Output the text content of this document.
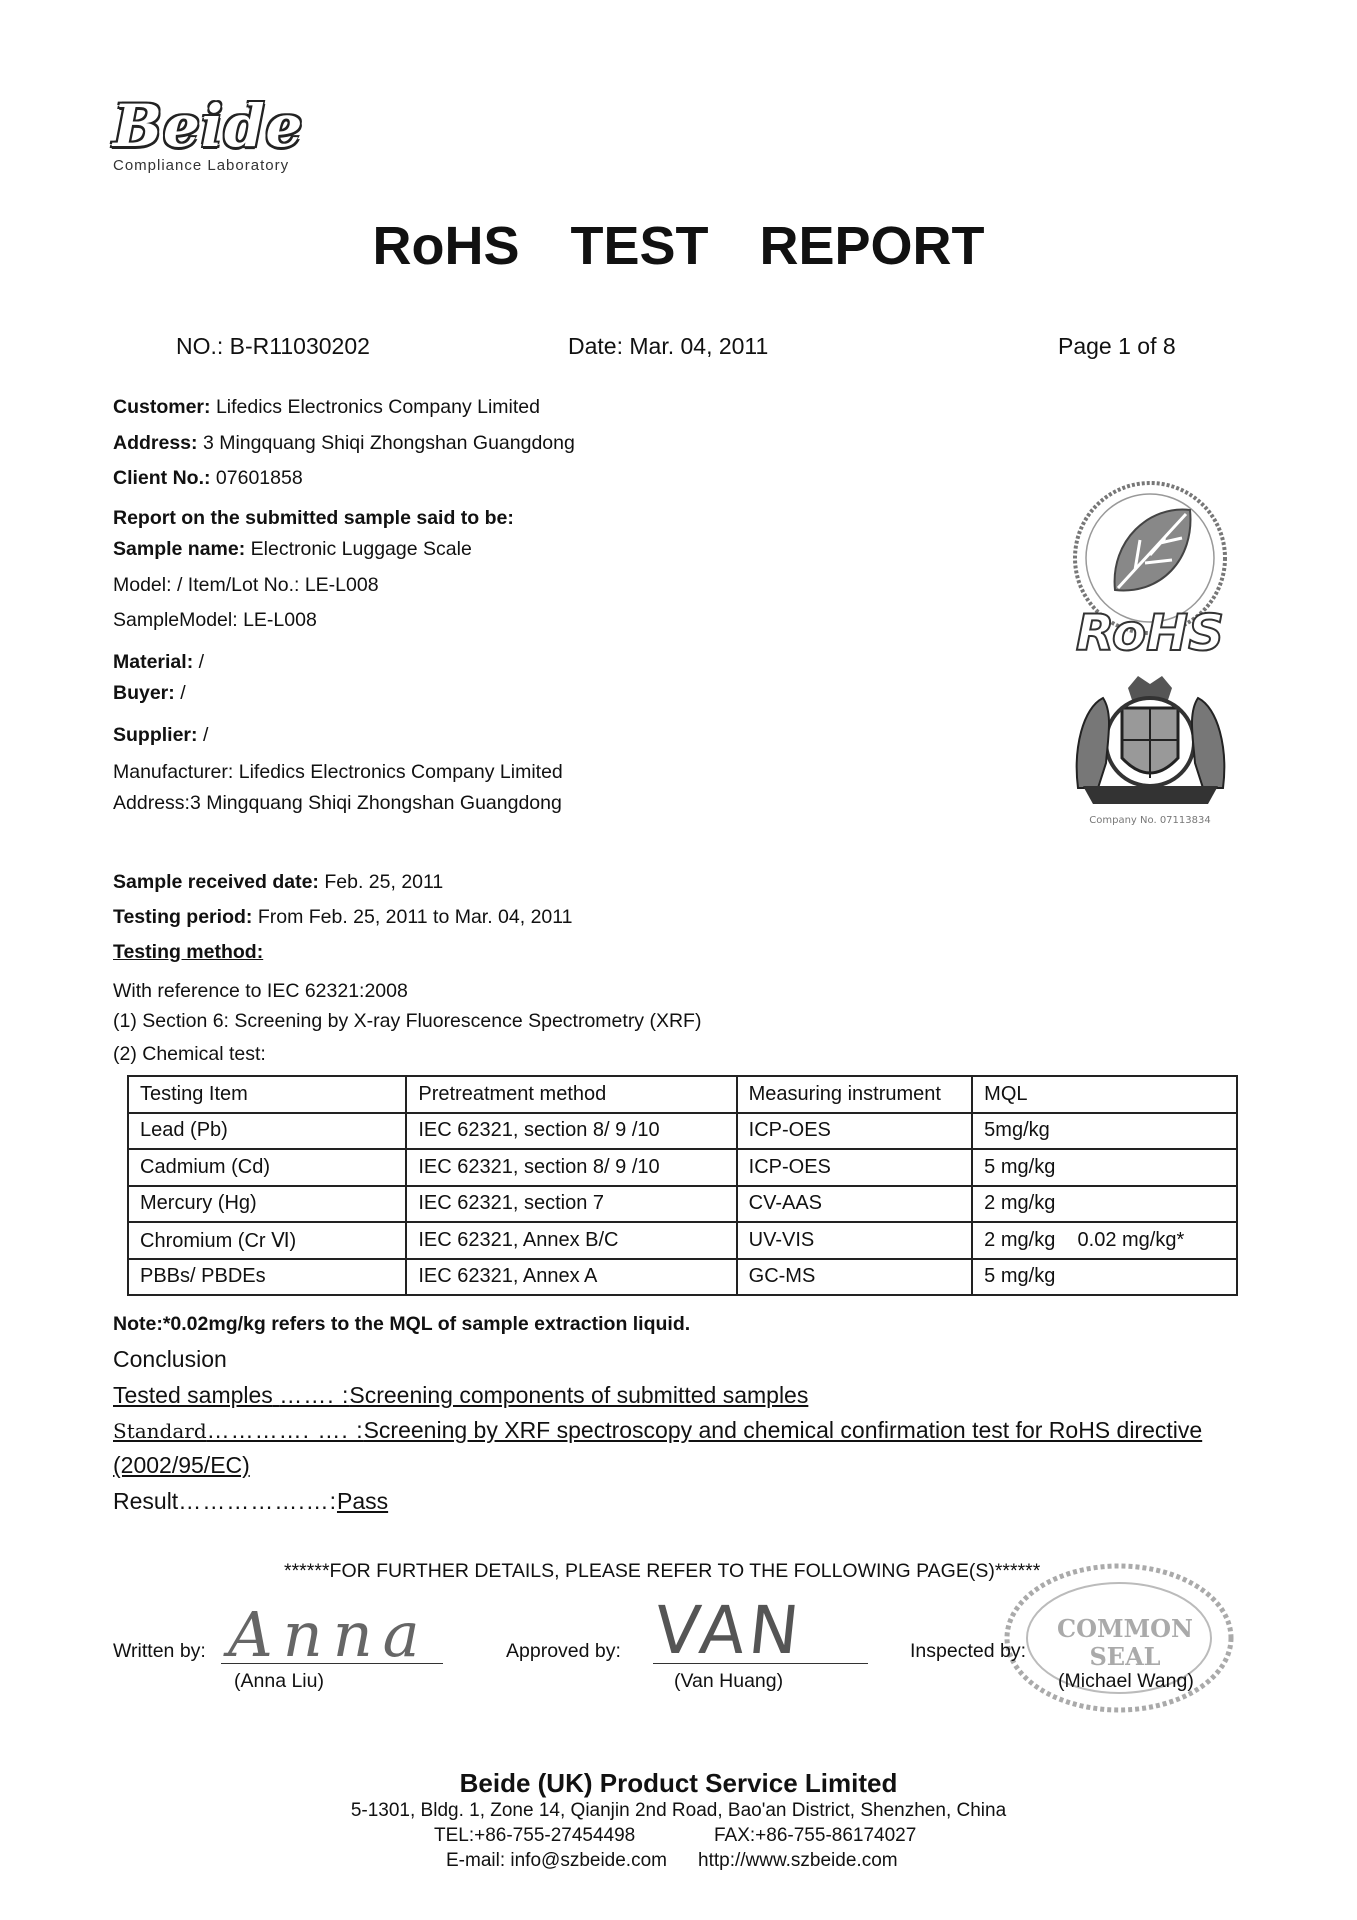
Beide
Compliance Laboratory
RoHS TEST REPORT
NO.: B-R11030202	Date: Mar. 04, 2011	Page 1 of 8
Customer: Lifedics Electronics Company Limited
Address: 3 Mingquang Shiqi Zhongshan Guangdong
Client No.: 07601858
Report on the submitted sample said to be:
Sample name: Electronic Luggage Scale
Model: / Item/Lot No.: LE-L008
SampleModel: LE-L008
Material: /
Buyer: /
Supplier: /
Manufacturer: Lifedics Electronics Company Limited
Address:3 Mingquang Shiqi Zhongshan Guangdong
RoHS
Company No. 07113834
Sample received date: Feb. 25, 2011
Testing period: From Feb. 25, 2011 to Mar. 04, 2011
Testing method:
With reference to IEC 62321:2008
(1) Section 6: Screening by X-ray Fluorescence Spectrometry (XRF)
(2) Chemical test:
Testing Item	Pretreatment method	Measuring instrument	MQL
Lead (Pb)	IEC 62321, section 8/ 9 /10	ICP-OES	5mg/kg
Cadmium (Cd)	IEC 62321, section 8/ 9 /10	ICP-OES	5 mg/kg
Mercury (Hg)	IEC 62321, section 7	CV-AAS	2 mg/kg
Chromium (Cr Ⅵ)	IEC 62321, Annex B/C	UV-VIS	2 mg/kg    0.02 mg/kg*
PBBs/ PBDEs	IEC 62321, Annex A	GC-MS	5 mg/kg
Note:*0.02mg/kg refers to the MQL of sample extraction liquid.
Conclusion
Tested samples ……. :Screening components of submitted samples
Standard…………. …. :Screening by XRF spectroscopy and chemical confirmation test for RoHS directive
(2002/95/EC)
Result…………….…:Pass
******FOR FURTHER DETAILS, PLEASE REFER TO THE FOLLOWING PAGE(S)******
Written by: Anna
(Anna Liu)
Approved by: VAN
(Van Huang)
COMMON
SEAL
Inspected by:
(Michael Wang)
Beide (UK) Product Service Limited
5-1301, Bldg. 1, Zone 14, Qianjin 2nd Road, Bao'an District, Shenzhen, China
TEL:+86-755-27454498	FAX:+86-755-86174027
E-mail: info@szbeide.com http://www.szbeide.com
